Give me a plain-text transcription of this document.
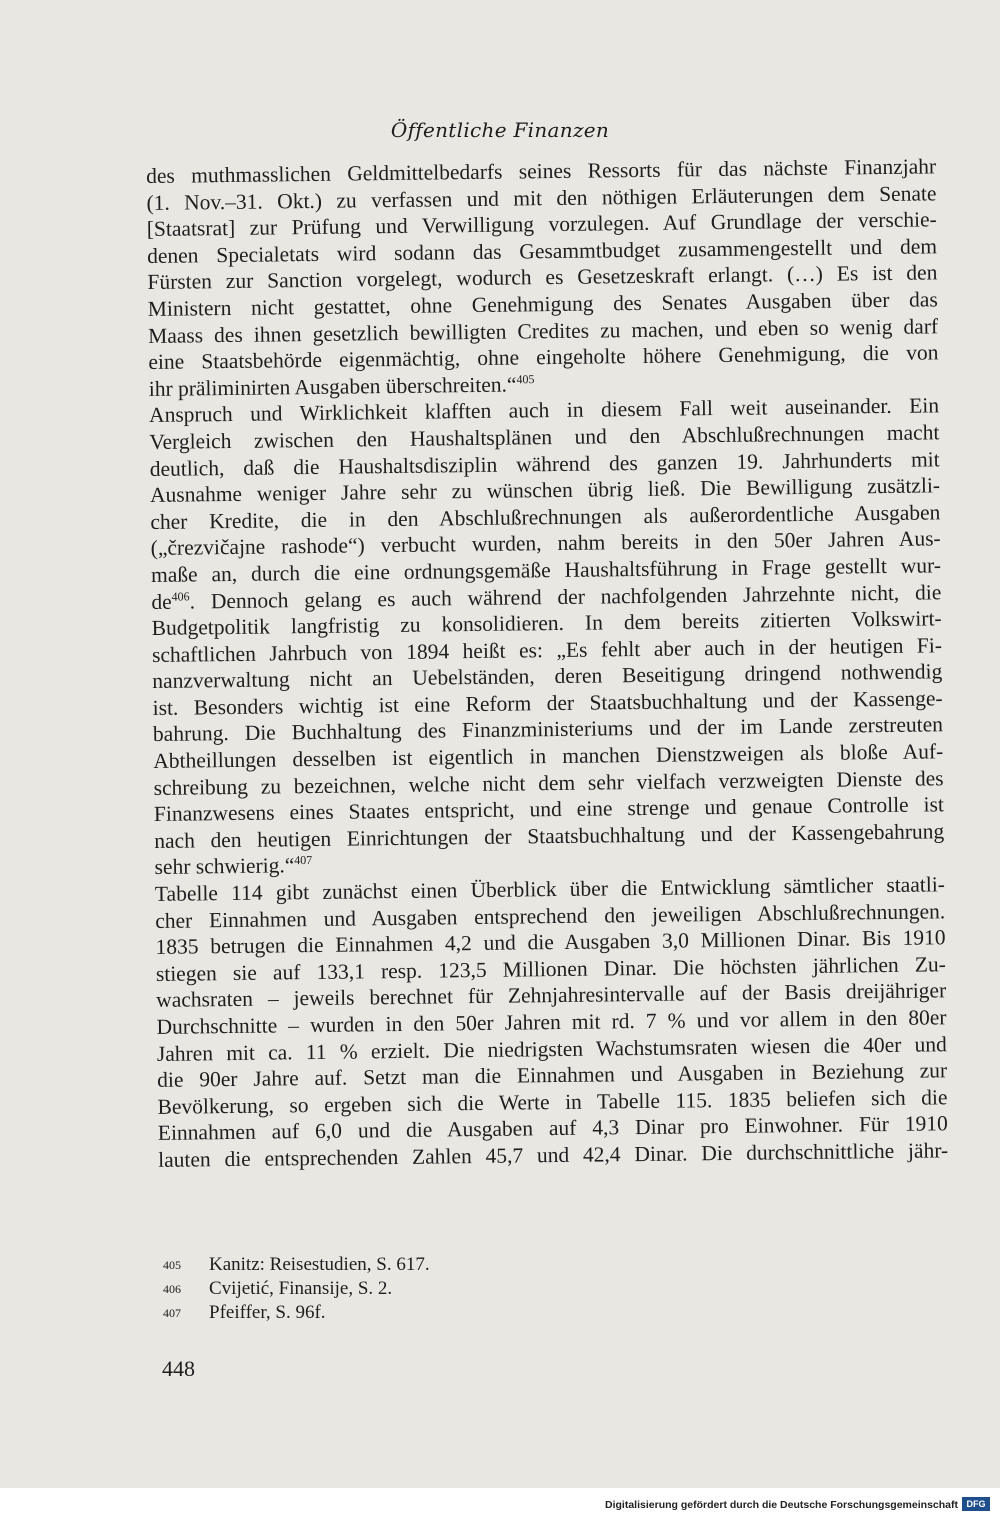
Öffentliche Finanzen
des muthmasslichen Geldmittelbedarfs seines Ressorts für das nächste Finanzjahr
(1. Nov.–31. Okt.) zu verfassen und mit den nöthigen Erläuterungen dem Senate
[Staatsrat] zur Prüfung und Verwilligung vorzulegen. Auf Grundlage der verschie-
denen Specialetats wird sodann das Gesammtbudget zusammengestellt und dem
Fürsten zur Sanction vorgelegt, wodurch es Gesetzeskraft erlangt. (…) Es ist den
Ministern nicht gestattet, ohne Genehmigung des Senates Ausgaben über das
Maass des ihnen gesetzlich bewilligten Credites zu machen, und eben so wenig darf
eine Staatsbehörde eigenmächtig, ohne eingeholte höhere Genehmigung, die von
ihr präliminirten Ausgaben überschreiten.“$^{405}$
Anspruch und Wirklichkeit klafften auch in diesem Fall weit auseinander. Ein
Vergleich zwischen den Haushaltsplänen und den Abschlußrechnungen macht
deutlich, daß die Haushaltsdisziplin während des ganzen 19. Jahrhunderts mit
Ausnahme weniger Jahre sehr zu wünschen übrig ließ. Die Bewilligung zusätzli-
cher Kredite, die in den Abschlußrechnungen als außerordentliche Ausgaben
(„črezvičajne rashode“) verbucht wurden, nahm bereits in den 50er Jahren Aus-
maße an, durch die eine ordnungsgemäße Haushaltsführung in Frage gestellt wur-
$de^{406}$. Dennoch gelang es auch während der nachfolgenden Jahrzehnte nicht, die
Budgetpolitik langfristig zu konsolidieren. In dem bereits zitierten Volkswirt-
schaftlichen Jahrbuch von 1894 heißt es: „Es fehlt aber auch in der heutigen Fi-
nanzverwaltung nicht an Uebelständen, deren Beseitigung dringend nothwendig
ist. Besonders wichtig ist eine Reform der Staatsbuchhaltung und der Kassenge-
bahrung. Die Buchhaltung des Finanzministeriums und der im Lande zerstreuten
Abtheillungen desselben ist eigentlich in manchen Dienstzweigen als bloße Auf-
schreibung zu bezeichnen, welche nicht dem sehr vielfach verzweigten Dienste des
Finanzwesens eines Staates entspricht, und eine strenge und genaue Controlle ist
nach den heutigen Einrichtungen der Staatsbuchhaltung und der Kassengebahrung
sehr schwierig.“$^{407}$
Tabelle 114 gibt zunächst einen Überblick über die Entwicklung sämtlicher staatli-
cher Einnahmen und Ausgaben entsprechend den jeweiligen Abschlußrechnungen.
1835 betrugen die Einnahmen 4,2 und die Ausgaben 3,0 Millionen Dinar. Bis 1910
stiegen sie auf 133,1 resp. 123,5 Millionen Dinar. Die höchsten jährlichen Zu-
wachsraten – jeweils berechnet für Zehnjahresintervalle auf der Basis dreijähriger
Durchschnitte – wurden in den 50er Jahren mit rd. 7 % und vor allem in den 80er
Jahren mit ca. 11 % erzielt. Die niedrigsten Wachstumsraten wiesen die 40er und
die 90er Jahre auf. Setzt man die Einnahmen und Ausgaben in Beziehung zur
Bevölkerung, so ergeben sich die Werte in Tabelle 115. 1835 beliefen sich die
Einnahmen auf 6,0 und die Ausgaben auf 4,3 Dinar pro Einwohner. Für 1910
lauten die entsprechenden Zahlen 45,7 und 42,4 Dinar. Die durchschnittliche jähr-
405	Kanitz: Reisestudien, S. 617.
406	Cvijetić, Finansije, S. 2.
407	Pfeiffer, S. 96f.
448
Digitalisierung gefördert durch die Deutsche Forschungsgemeinschaft DFG
